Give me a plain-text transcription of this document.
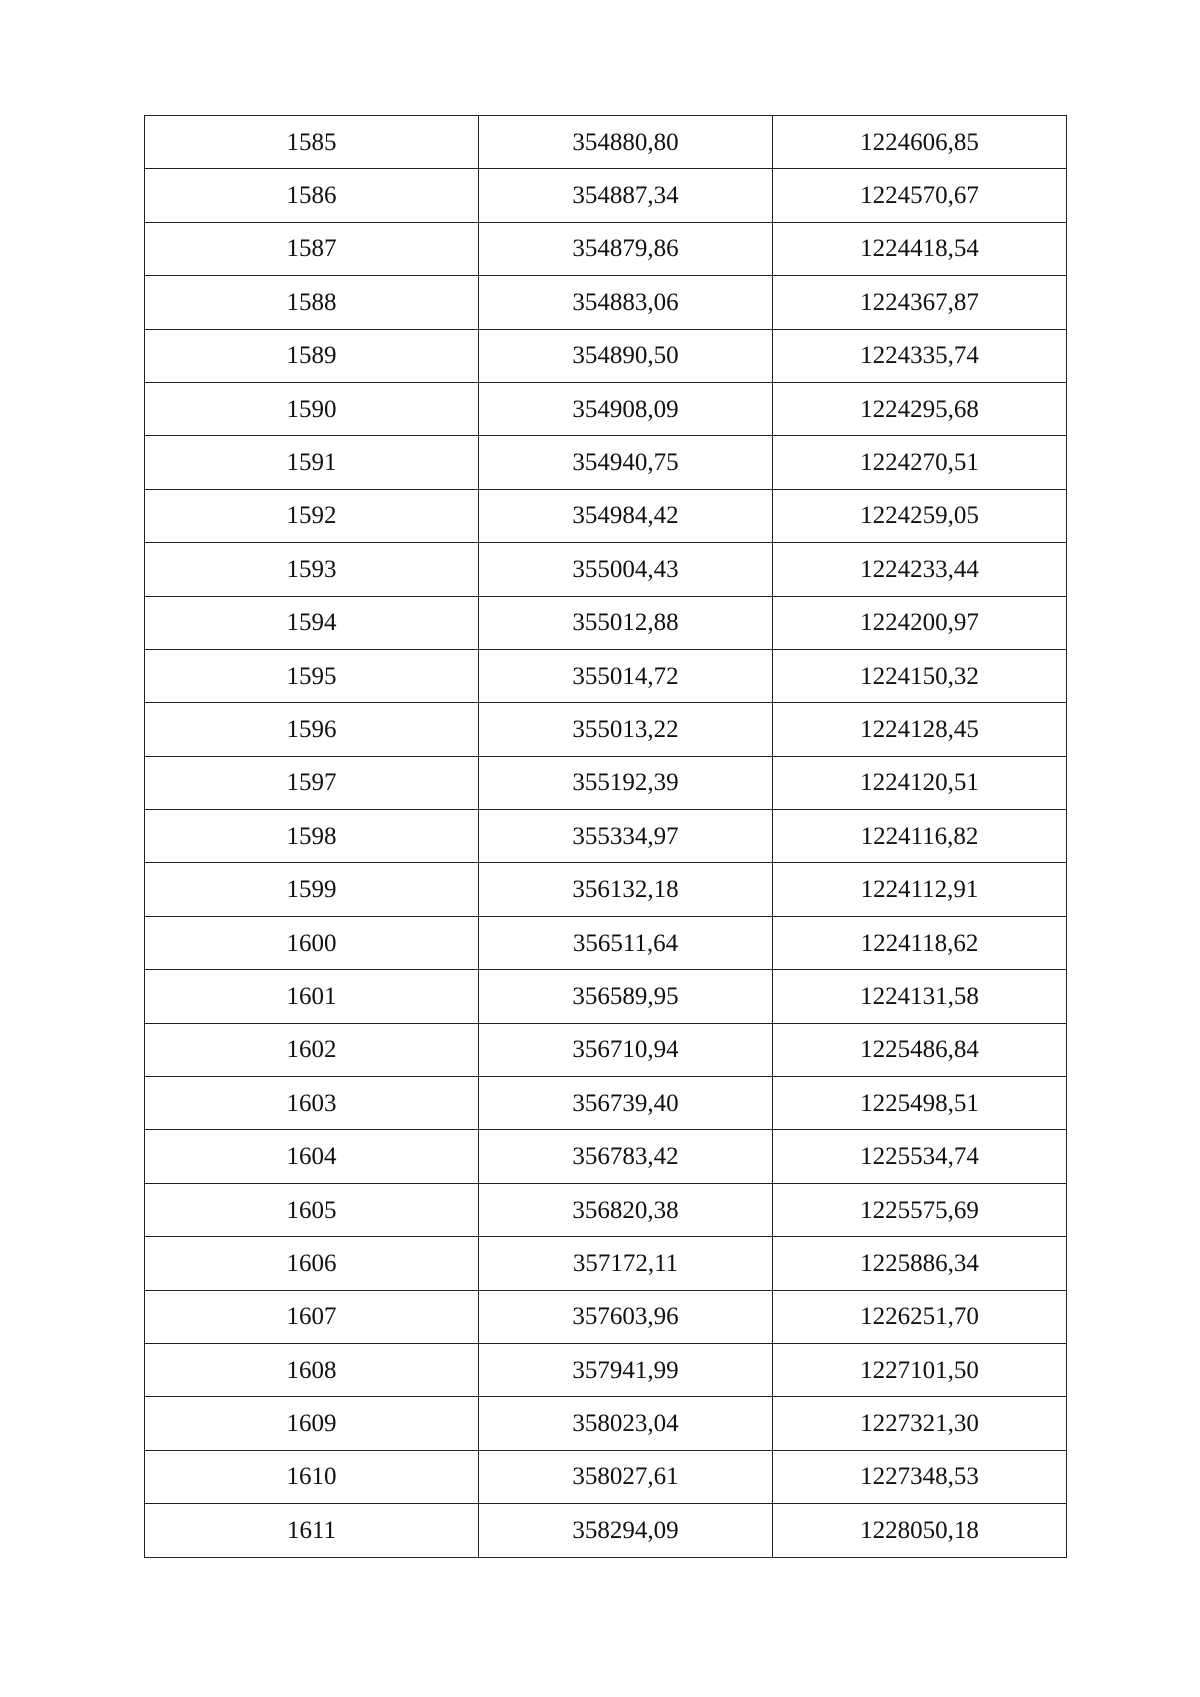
1585	354880,80	1224606,85
1586	354887,34	1224570,67
1587	354879,86	1224418,54
1588	354883,06	1224367,87
1589	354890,50	1224335,74
1590	354908,09	1224295,68
1591	354940,75	1224270,51
1592	354984,42	1224259,05
1593	355004,43	1224233,44
1594	355012,88	1224200,97
1595	355014,72	1224150,32
1596	355013,22	1224128,45
1597	355192,39	1224120,51
1598	355334,97	1224116,82
1599	356132,18	1224112,91
1600	356511,64	1224118,62
1601	356589,95	1224131,58
1602	356710,94	1225486,84
1603	356739,40	1225498,51
1604	356783,42	1225534,74
1605	356820,38	1225575,69
1606	357172,11	1225886,34
1607	357603,96	1226251,70
1608	357941,99	1227101,50
1609	358023,04	1227321,30
1610	358027,61	1227348,53
1611	358294,09	1228050,18
